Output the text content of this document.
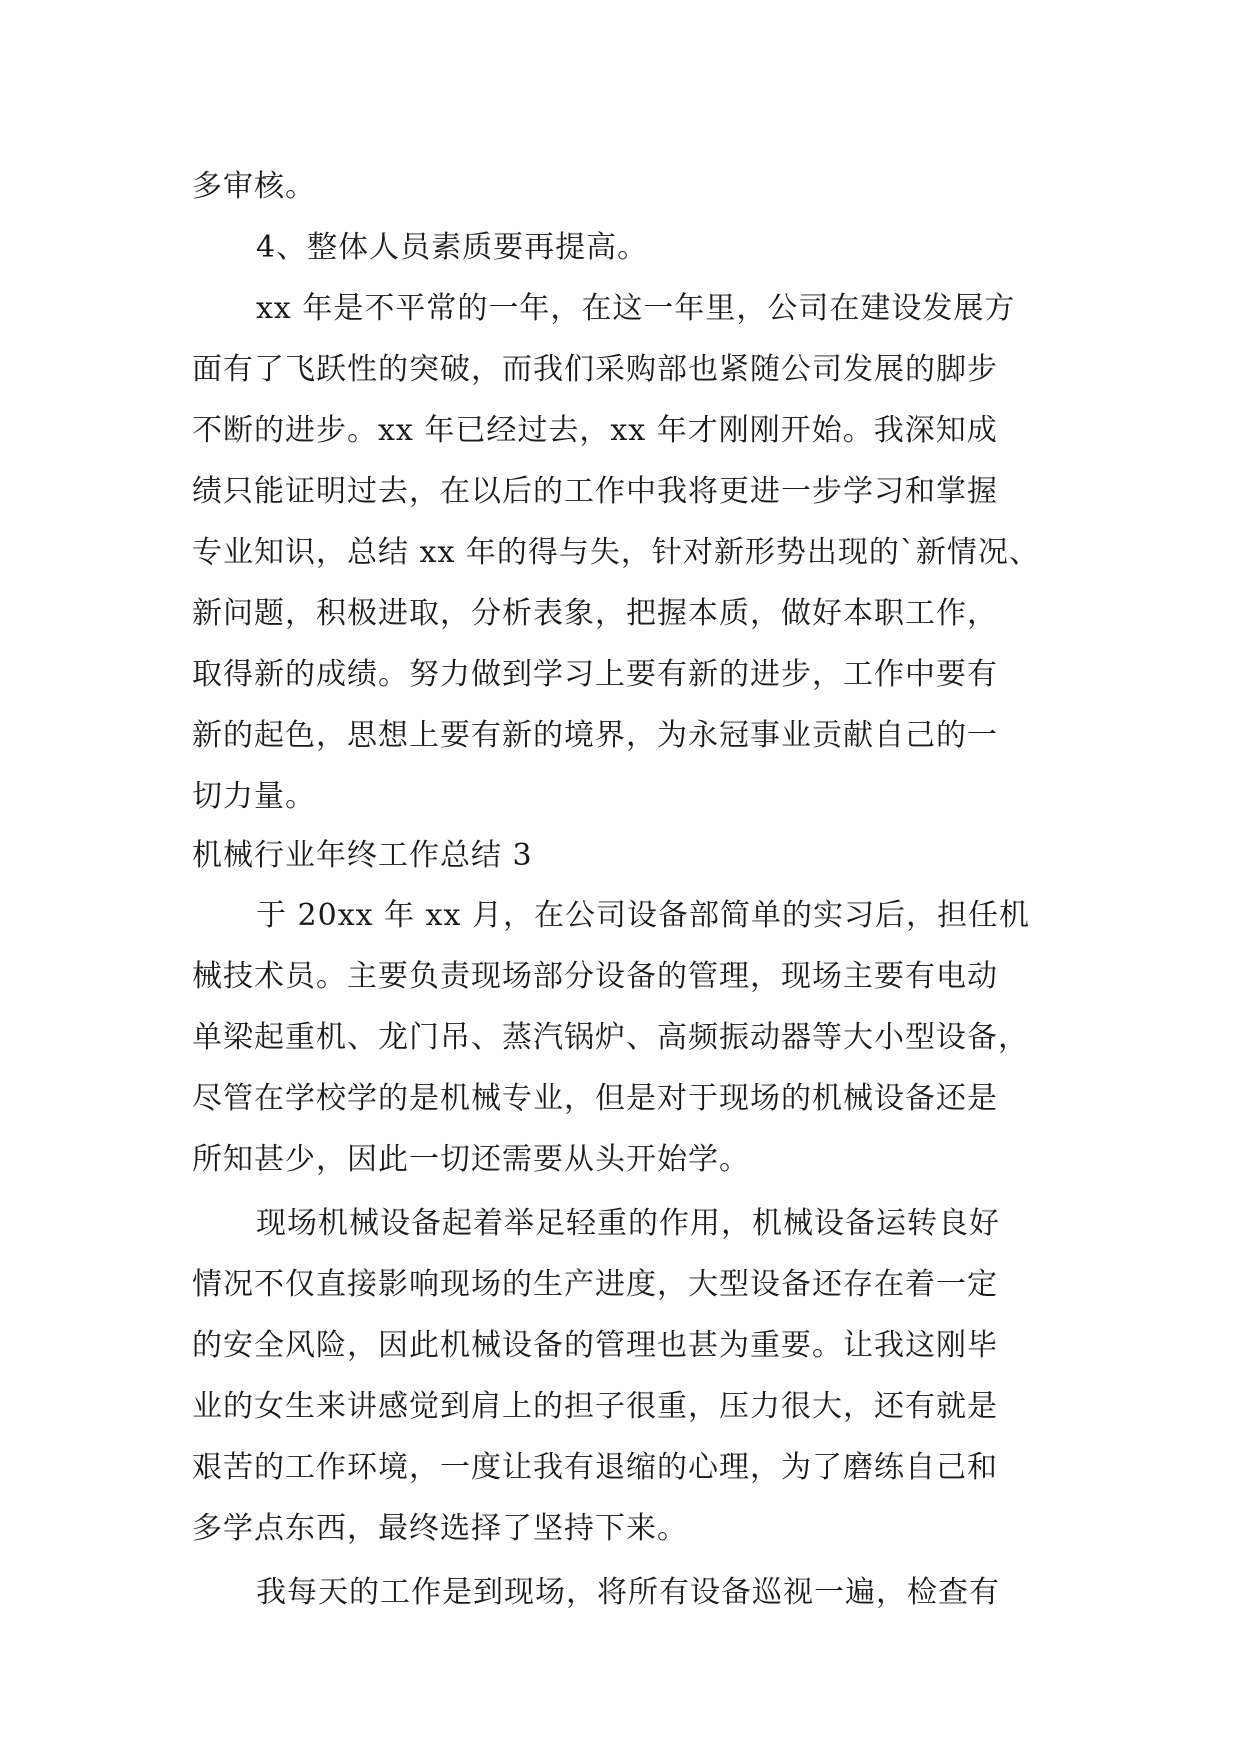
多审核。
4、整体人员素质要再提高。
xx 年是不平常的一年，在这一年里，公司在建设发展方
面有了飞跃性的突破，而我们采购部也紧随公司发展的脚步
不断的进步。xx 年已经过去，xx 年才刚刚开始。我深知成
绩只能证明过去，在以后的工作中我将更进一步学习和掌握
专业知识，总结 xx 年的得与失，针对新形势出现的`新情况、
新问题，积极进取，分析表象，把握本质，做好本职工作，
取得新的成绩。努力做到学习上要有新的进步，工作中要有
新的起色，思想上要有新的境界，为永冠事业贡献自己的一
切力量。
机械行业年终工作总结 3
于 20xx 年 xx 月，在公司设备部简单的实习后，担任机
械技术员。主要负责现场部分设备的管理，现场主要有电动
单梁起重机、龙门吊、蒸汽锅炉、高频振动器等大小型设备，
尽管在学校学的是机械专业，但是对于现场的机械设备还是
所知甚少，因此一切还需要从头开始学。
现场机械设备起着举足轻重的作用，机械设备运转良好
情况不仅直接影响现场的生产进度，大型设备还存在着一定
的安全风险，因此机械设备的管理也甚为重要。让我这刚毕
业的女生来讲感觉到肩上的担子很重，压力很大，还有就是
艰苦的工作环境，一度让我有退缩的心理，为了磨练自己和
多学点东西，最终选择了坚持下来。
我每天的工作是到现场，将所有设备巡视一遍，检查有
